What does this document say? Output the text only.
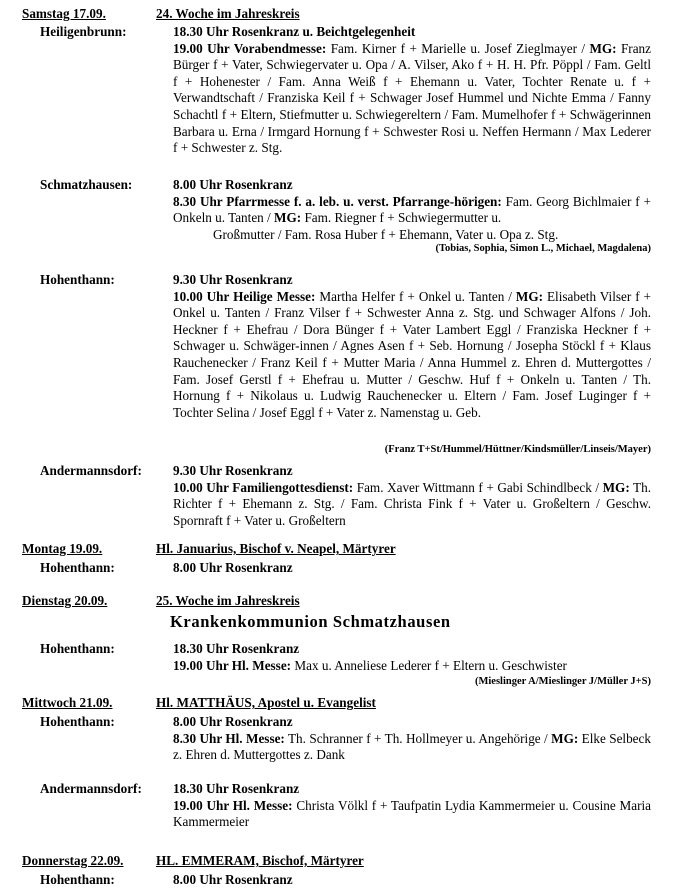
Samstag 17.09.	24. Woche im Jahreskreis
Heiligenbrunn:	18.30 Uhr Rosenkranz u. Beichtgelegenheit

19.00 Uhr Vorabendmesse: Fam. Kirner f + Marielle u. Josef Zieglmayer / MG: Franz Bürger f + Vater, Schwiegervater u. Opa / A. Vilser, Ako f + H. H. Pfr. Pöppl / Fam. Geltl f + Hohenester / Fam. Anna Weiß f + Ehemann u. Vater, Tochter Renate u. f + Verwandtschaft / Franziska Keil f + Schwager Josef Hummel und Nichte Emma / Fanny Schachtl f + Eltern, Stiefmutter u. Schwiegereltern / Fam. Mumelhofer f + Schwägerinnen Barbara u. Erna / Irmgard Hornung f + Schwester Rosi u. Neffen Hermann / Max Lederer f + Schwester z. Stg.

Schmatzhausen:	8.00 Uhr Rosenkranz

8.30 Uhr Pfarrmesse f. a. leb. u. verst. Pfarrange-hörigen: Fam. Georg Bichlmaier f + Onkeln u. Tanten / MG: Fam. Riegner f + Schwiegermutter u.

Großmutter / Fam. Rosa Huber f + Ehemann, Vater u. Opa z. Stg.

(Tobias, Sophia, Simon L., Michael, Magdalena)
Hohenthann:	9.30 Uhr Rosenkranz

10.00 Uhr Heilige Messe: Martha Helfer f + Onkel u. Tanten / MG: Elisabeth Vilser f + Onkel u. Tanten / Franz Vilser f + Schwester Anna z. Stg. und Schwager Alfons / Joh. Heckner f + Ehefrau / Dora Bünger f + Vater Lambert Eggl / Franziska Heckner f + Schwager u. Schwäger-innen / Agnes Asen f + Seb. Hornung / Josepha Stöckl f + Klaus Rauchenecker / Franz Keil f + Mutter Maria / Anna Hummel z. Ehren d. Muttergottes / Fam. Josef Gerstl f + Ehefrau u. Mutter / Geschw. Huf f + Onkeln u. Tanten / Th. Hornung f + Nikolaus u. Ludwig Rauchenecker u. Eltern / Fam. Josef Luginger f + Tochter Selina / Josef Eggl f + Vater z. Namenstag u. Geb.

(Franz T+St/Hummel/Hüttner/Kindsmüller/Linseis/Mayer)
Andermannsdorf: 9.30 Uhr Rosenkranz

10.00 Uhr Familiengottesdienst: Fam. Xaver Wittmann f + Gabi Schindlbeck / MG: Th. Richter f + Ehemann z. Stg. / Fam. Christa Fink f + Vater u. Großeltern / Geschw. Spornraft f + Vater u. Großeltern

Montag 19.09.	Hl. Januarius, Bischof v. Neapel, Märtyrer
Hohenthann:	8.00 Uhr Rosenkranz

Dienstag 20.09.	25. Woche im Jahreskreis
Krankenkommunion Schmatzhausen
Hohenthann:	18.30 Uhr Rosenkranz

19.00 Uhr Hl. Messe: Max u. Anneliese Lederer f + Eltern u. Geschwister

(Mieslinger A/Mieslinger J/Müller J+S)
Mittwoch 21.09.	Hl. MATTHÄUS, Apostel u. Evangelist
Hohenthann:	8.00 Uhr Rosenkranz

8.30 Uhr Hl. Messe: Th. Schranner f + Th. Hollmeyer u. Angehörige / MG: Elke Selbeck z. Ehren d. Muttergottes z. Dank

Andermannsdorf: 18.30 Uhr Rosenkranz

19.00 Uhr Hl. Messe: Christa Völkl f + Taufpatin Lydia Kammermeier u. Cousine Maria Kammermeier

Donnerstag 22.09. HL. EMMERAM, Bischof, Märtyrer
Hohenthann:	8.00 Uhr Rosenkranz
